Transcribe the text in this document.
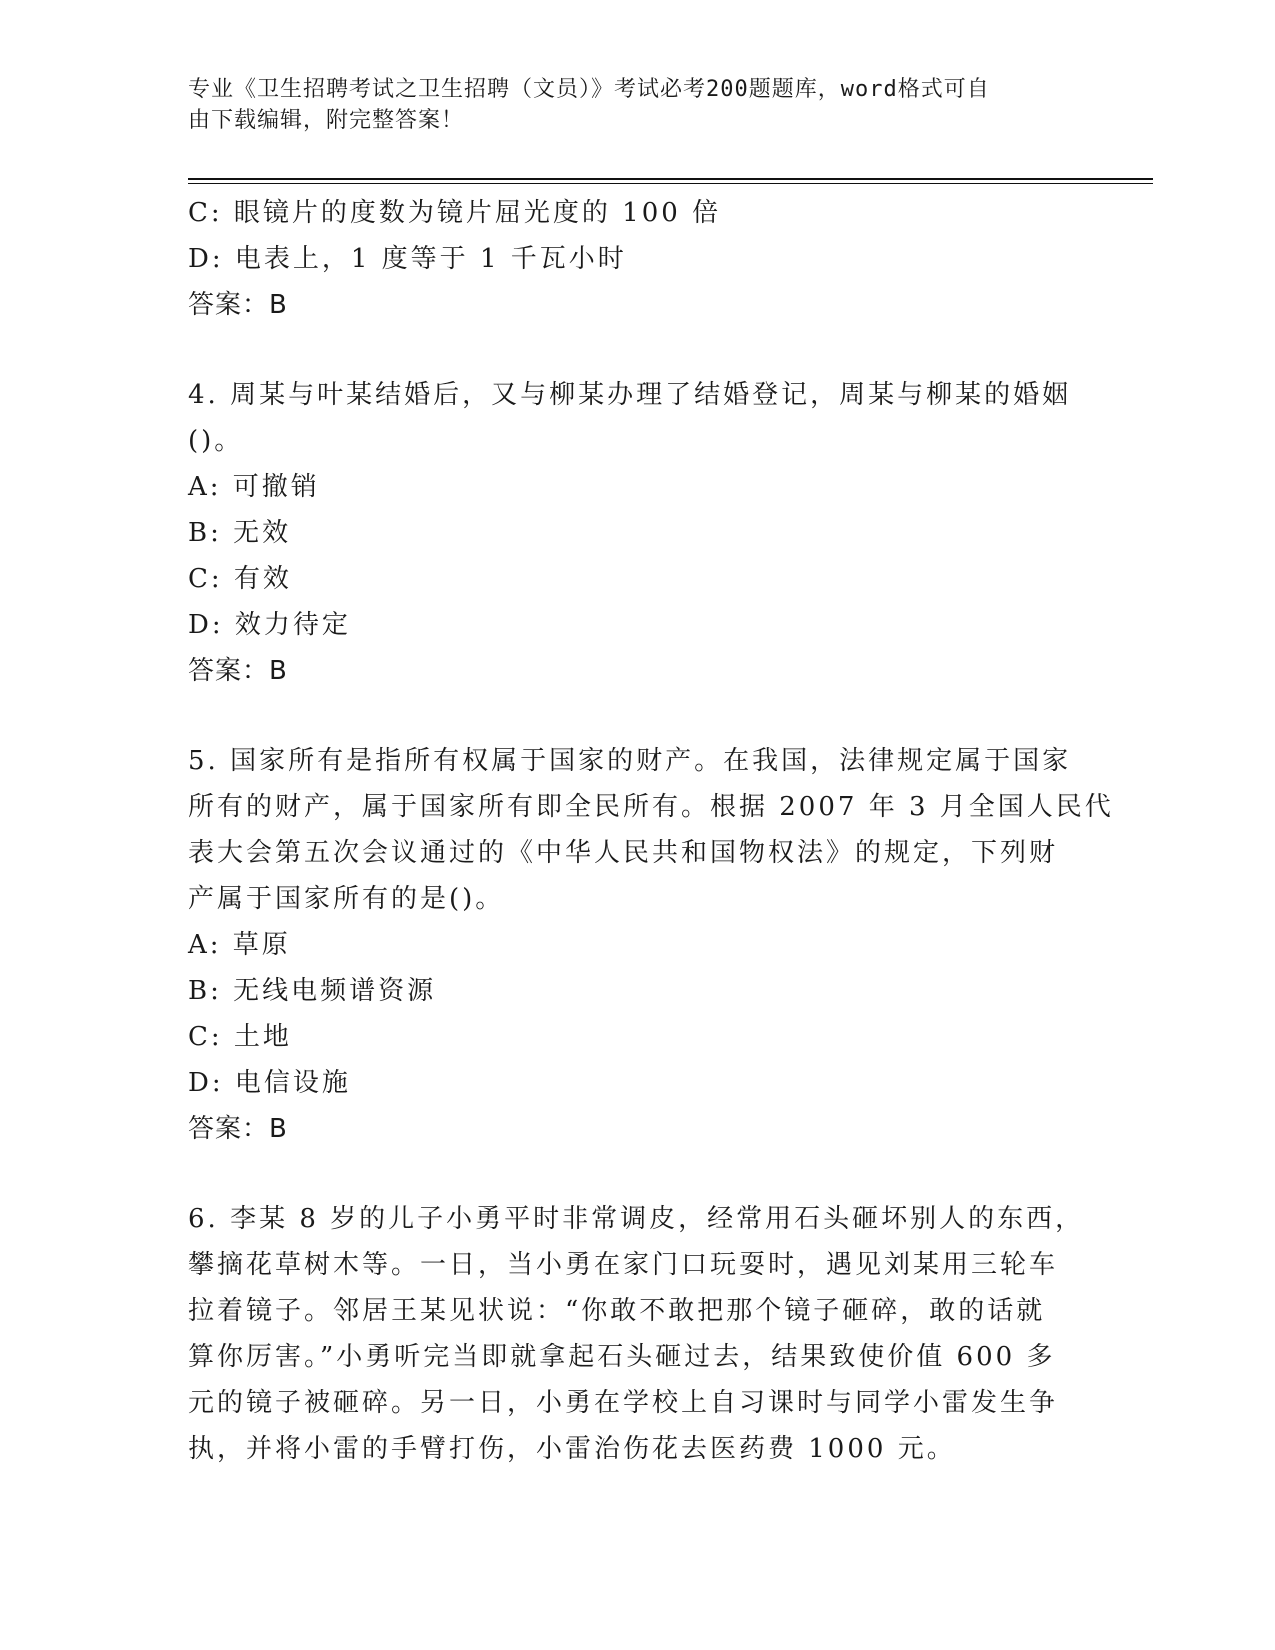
专业《卫生招聘考试之卫生招聘（文员）》考试必考200题题库，word格式可自
由下载编辑，附完整答案！
C: 眼镜片的度数为镜片屈光度的 100 倍
D: 电表上，1 度等于 1 千瓦小时
答案：B
4. 周某与叶某结婚后，又与柳某办理了结婚登记，周某与柳某的婚姻
()。
A: 可撤销
B: 无效
C: 有效
D: 效力待定
答案：B
5. 国家所有是指所有权属于国家的财产。在我国，法律规定属于国家
所有的财产，属于国家所有即全民所有。根据 2007 年 3 月全国人民代
表大会第五次会议通过的《中华人民共和国物权法》的规定，下列财
产属于国家所有的是()。
A: 草原
B: 无线电频谱资源
C: 土地
D: 电信设施
答案：B
6. 李某 8 岁的儿子小勇平时非常调皮，经常用石头砸坏别人的东西，
攀摘花草树木等。一日，当小勇在家门口玩耍时，遇见刘某用三轮车
拉着镜子。邻居王某见状说：“你敢不敢把那个镜子砸碎，敢的话就
算你厉害。”小勇听完当即就拿起石头砸过去，结果致使价值 600 多
元的镜子被砸碎。另一日，小勇在学校上自习课时与同学小雷发生争
执，并将小雷的手臂打伤，小雷治伤花去医药费 1000 元。
